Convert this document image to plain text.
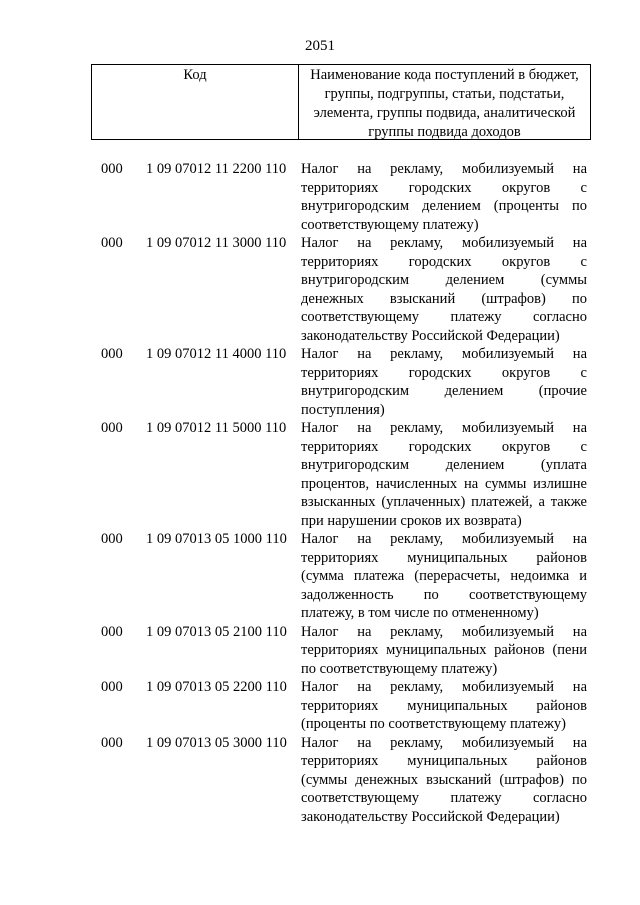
2051
Код	Наименование кода поступлений в бюджет, группы, подгруппы, статьи, подстатьи, элемента, группы подвида, аналитической группы подвида доходов
000 1 09 07012 11 2200 110 Налог на рекламу, мобилизуемый на
территориях городских округов с
внутригородским делением (проценты по
соответствующему платежу)
000 1 09 07012 11 3000 110 Налог на рекламу, мобилизуемый на
территориях городских округов с
внутригородским делением (суммы
денежных взысканий (штрафов) по
соответствующему платежу согласно
законодательству Российской Федерации)
000 1 09 07012 11 4000 110 Налог на рекламу, мобилизуемый на
территориях городских округов с
внутригородским делением (прочие
поступления)
000 1 09 07012 11 5000 110 Налог на рекламу, мобилизуемый на
территориях городских округов с
внутригородским делением (уплата
процентов, начисленных на суммы излишне
взысканных (уплаченных) платежей, а также
при нарушении сроков их возврата)
000 1 09 07013 05 1000 110 Налог на рекламу, мобилизуемый на
территориях муниципальных районов
(сумма платежа (перерасчеты, недоимка и
задолженность по соответствующему
платежу, в том числе по отмененному)
000 1 09 07013 05 2100 110 Налог на рекламу, мобилизуемый на
территориях муниципальных районов (пени
по соответствующему платежу)
000 1 09 07013 05 2200 110 Налог на рекламу, мобилизуемый на
территориях муниципальных районов
(проценты по соответствующему платежу)
000 1 09 07013 05 3000 110 Налог на рекламу, мобилизуемый на
территориях муниципальных районов
(суммы денежных взысканий (штрафов) по
соответствующему платежу согласно
законодательству Российской Федерации)
